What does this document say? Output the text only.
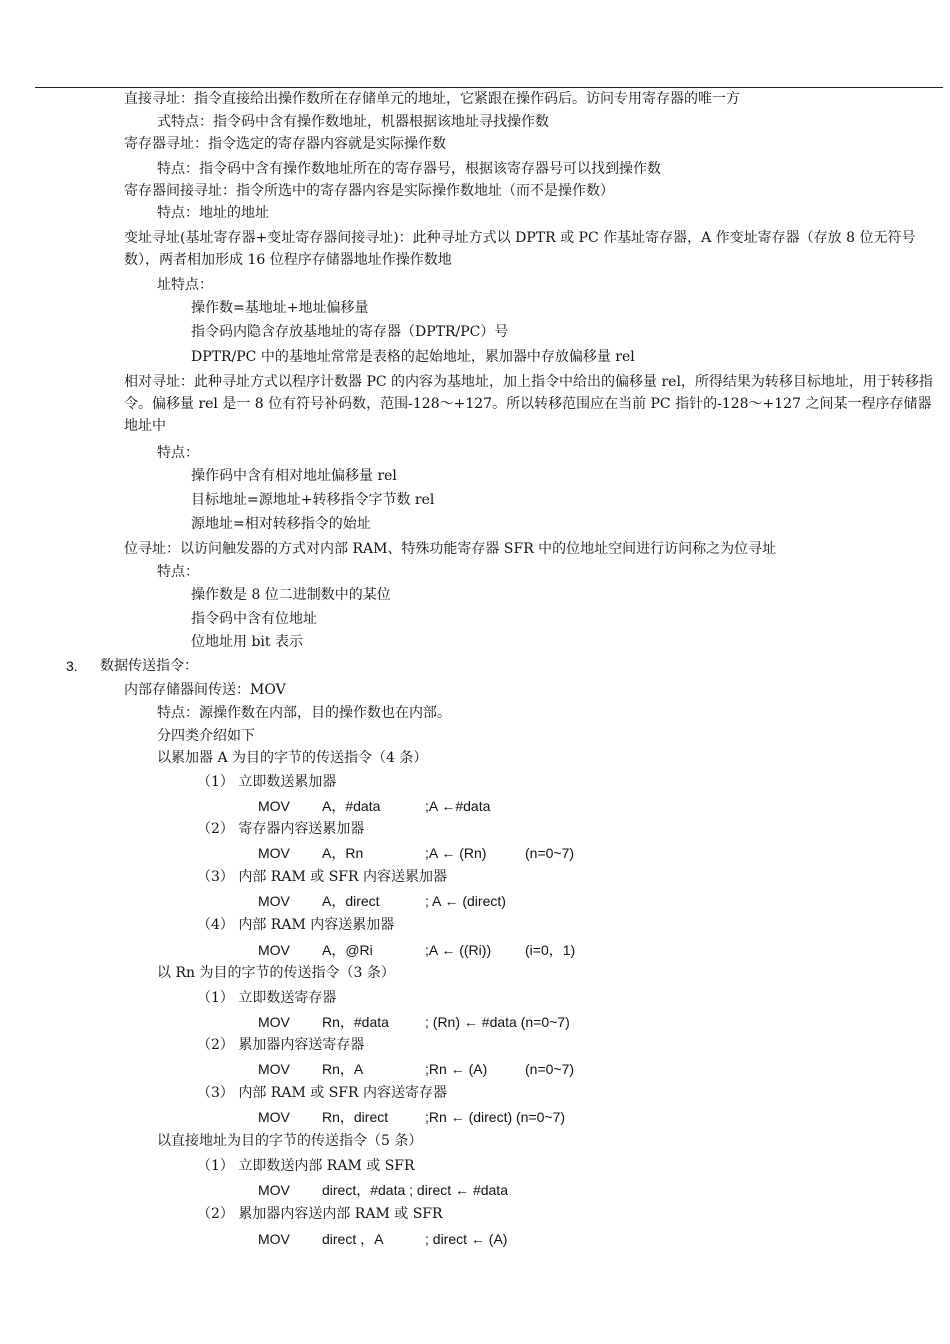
直接寻址：指令直接给出操作数所在存储单元的地址，它紧跟在操作码后。访问专用寄存器的唯一方
式特点：指令码中含有操作数地址，机器根据该地址寻找操作数
寄存器寻址：指令选定的寄存器内容就是实际操作数
特点：指令码中含有操作数地址所在的寄存器号，根据该寄存器号可以找到操作数
寄存器间接寻址：指令所选中的寄存器内容是实际操作数地址（而不是操作数）
特点：地址的地址
变址寻址(基址寄存器+变址寄存器间接寻址)：此种寻址方式以 DPTR 或 PC 作基址寄存器，A 作变址寄存器（存放 8 位无符号数），两者相加形成 16 位程序存储器地址作操作数地
址特点：
操作数=基地址+地址偏移量
指令码内隐含存放基地址的寄存器（DPTR/PC）号
DPTR/PC 中的基地址常常是表格的起始地址，累加器中存放偏移量 rel
相对寻址：此种寻址方式以程序计数器 PC 的内容为基地址，加上指令中给出的偏移量 rel，所得结果为转移目标地址，用于转移指令。偏移量 rel 是一 8 位有符号补码数，范围-128～+127。所以转移范围应在当前 PC 指针的-128～+127 之间某一程序存储器地址中
特点：
操作码中含有相对地址偏移量 rel
目标地址=源地址+转移指令字节数 rel
源地址=相对转移指令的始址
位寻址：以访问触发器的方式对内部 RAM、特殊功能寄存器 SFR 中的位地址空间进行访问称之为位寻址
特点：
操作数是 8 位二进制数中的某位
指令码中含有位地址
位地址用 bit 表示
3. 数据传送指令：
内部存储器间传送：MOV
特点：源操作数在内部，目的操作数也在内部。
分四类介绍如下
以累加器 A 为目的字节的传送指令（4 条）
（1） 立即数送累加器
MOV A，#data	;A ←#data
（2） 寄存器内容送累加器
MOV A，Rn	;A ← (Rn)	(n=0~7)
（3） 内部 RAM 或 SFR 内容送累加器
MOV A，direct	; A ← (direct)
（4） 内部 RAM 内容送累加器
MOV A，@Ri	;A ← ((Ri)) (i=0，1)
以 Rn 为目的字节的传送指令（3 条）
（1） 立即数送寄存器
MOV Rn，#data	; (Rn) ← #data (n=0~7)
（2） 累加器内容送寄存器
MOV Rn，A	;Rn ← (A)	(n=0~7)
（3） 内部 RAM 或 SFR 内容送寄存器
MOV Rn，direct	;Rn ← (direct) (n=0~7)
以直接地址为目的字节的传送指令（5 条）
（1） 立即数送内部 RAM 或 SFR
MOV direct，#data ; direct ← #data
（2） 累加器内容送内部 RAM 或 SFR
MOV direct ，A	; direct ← (A)
